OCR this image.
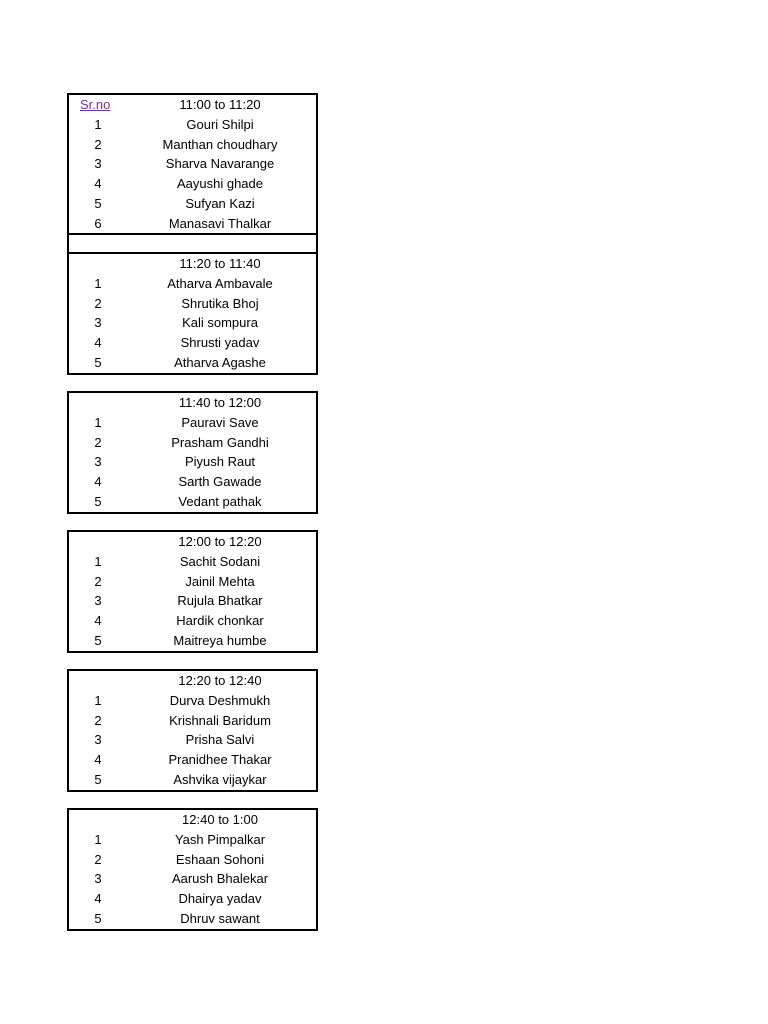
Sr.no	11:00 to 11:20
1	Gouri Shilpi
2	Manthan choudhary
3	Sharva Navarange
4	Aayushi ghade
5	Sufyan Kazi
6	Manasavi Thalkar
11:20 to 11:40
1	Atharva Ambavale
2	Shrutika Bhoj
3	Kali sompura
4	Shrusti yadav
5	Atharva Agashe
11:40 to 12:00
1	Pauravi Save
2	Prasham Gandhi
3	Piyush Raut
4	Sarth Gawade
5	Vedant pathak
12:00 to 12:20
1	Sachit Sodani
2	Jainil Mehta
3	Rujula Bhatkar
4	Hardik chonkar
5	Maitreya humbe
12:20 to 12:40
1	Durva Deshmukh
2	Krishnali Baridum
3	Prisha Salvi
4	Pranidhee Thakar
5	Ashvika vijaykar
12:40 to 1:00
1	Yash Pimpalkar
2	Eshaan Sohoni
3	Aarush Bhalekar
4	Dhairya yadav
5	Dhruv sawant
